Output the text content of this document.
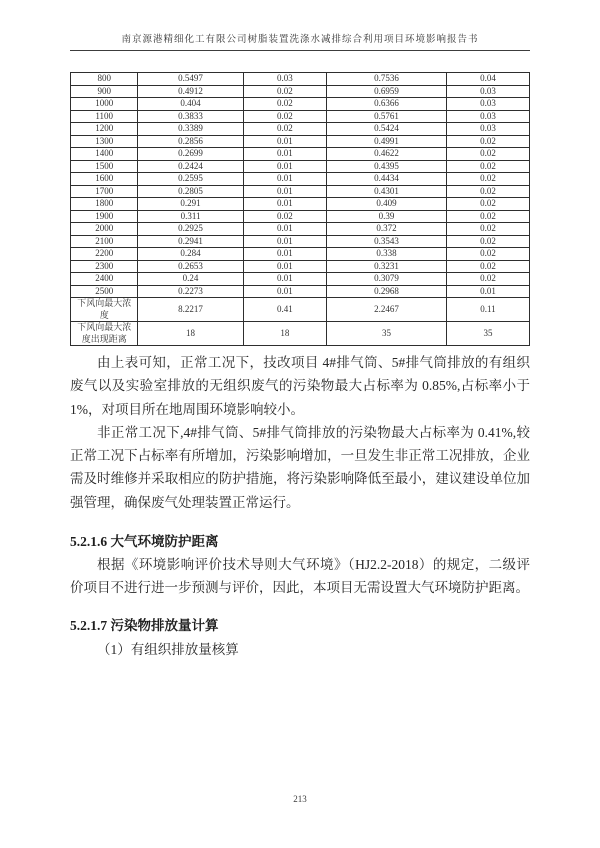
南京源港精细化工有限公司树脂装置洗涤水减排综合利用项目环境影响报告书
800	0.5497	0.03	0.7536	0.04
900	0.4912	0.02	0.6959	0.03
1000	0.404	0.02	0.6366	0.03
1100	0.3833	0.02	0.5761	0.03
1200	0.3389	0.02	0.5424	0.03
1300	0.2856	0.01	0.4991	0.02
1400	0.2699	0.01	0.4622	0.02
1500	0.2424	0.01	0.4395	0.02
1600	0.2595	0.01	0.4434	0.02
1700	0.2805	0.01	0.4301	0.02
1800	0.291	0.01	0.409	0.02
1900	0.311	0.02	0.39	0.02
2000	0.2925	0.01	0.372	0.02
2100	0.2941	0.01	0.3543	0.02
2200	0.284	0.01	0.338	0.02
2300	0.2653	0.01	0.3231	0.02
2400	0.24	0.01	0.3079	0.02
2500	0.2273	0.01	0.2968	0.01
下风向最大浓度	8.2217	0.41	2.2467	0.11
下风向最大浓度出现距离	18	18	35	35

由上表可知，正常工况下，技改项目 4#排气筒、5#排气筒排放的有组织废气以及实验室排放的无组织废气的污染物最大占标率为 0.85%,占标率小于 1%，对项目所在地周围环境影响较小。

非正常工况下,4#排气筒、5#排气筒排放的污染物最大占标率为 0.41%,较正常工况下占标率有所增加，污染影响增加，一旦发生非正常工况排放，企业需及时维修并采取相应的防护措施，将污染影响降低至最小，建议建设单位加强管理，确保废气处理装置正常运行。

5.2.1.6 大气环境防护距离

根据《环境影响评价技术导则大气环境》（HJ2.2-2018）的规定，二级评价项目不进行进一步预测与评价，因此，本项目无需设置大气环境防护距离。

5.2.1.7 污染物排放量计算

（1）有组织排放量核算

213
